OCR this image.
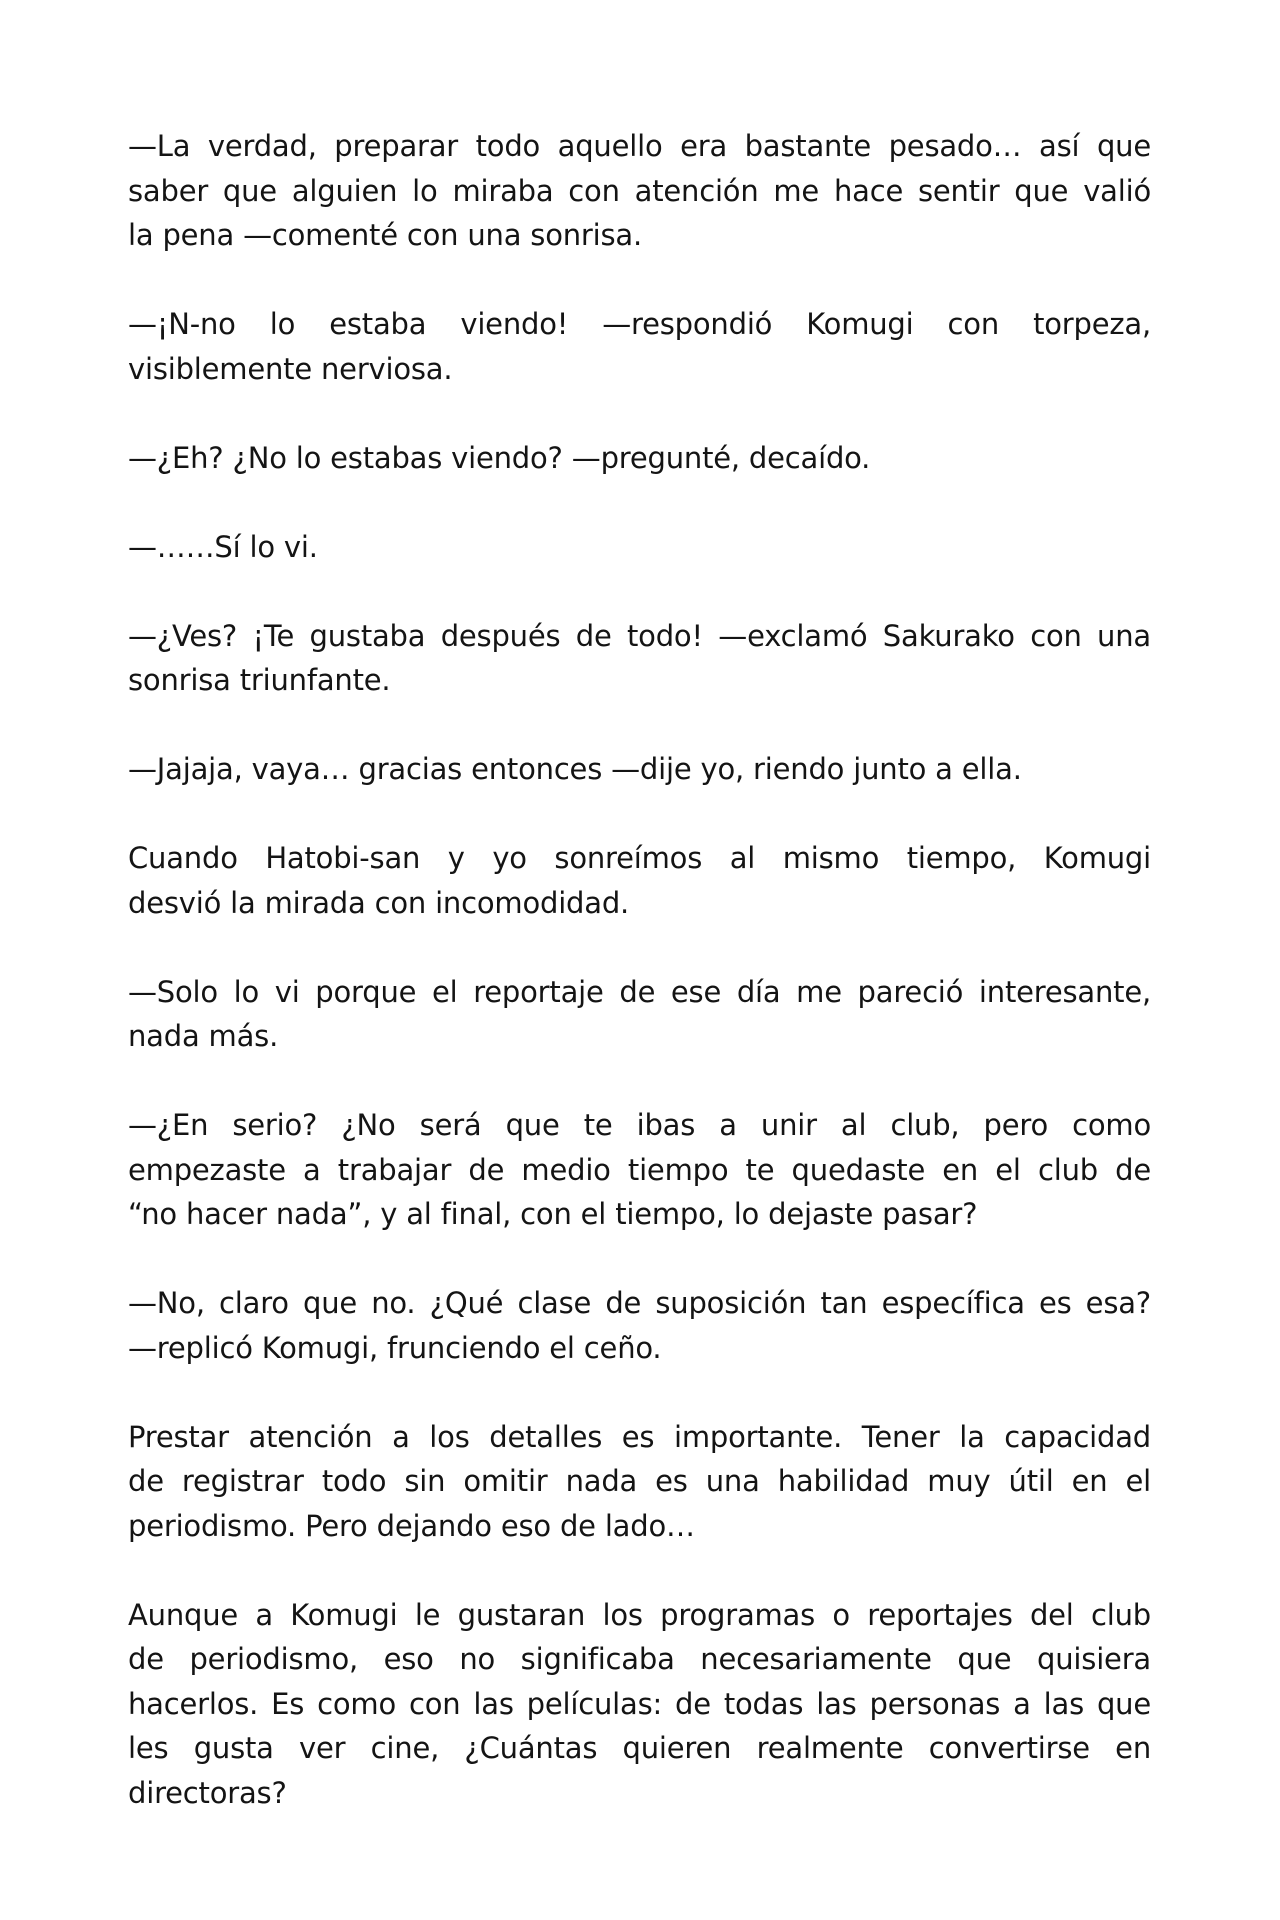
—La verdad, preparar todo aquello era bastante pesado… así que
saber que alguien lo miraba con atención me hace sentir que valió
la pena —comenté con una sonrisa.

—¡N-no lo estaba viendo! —respondió Komugi con torpeza,
visiblemente nerviosa.

—¿Eh? ¿No lo estabas viendo? —pregunté, decaído.

—……Sí lo vi.

—¿Ves? ¡Te gustaba después de todo! —exclamó Sakurako con una
sonrisa triunfante.

—Jajaja, vaya… gracias entonces —dije yo, riendo junto a ella.

Cuando Hatobi-san y yo sonreímos al mismo tiempo, Komugi
desvió la mirada con incomodidad.

—Solo lo vi porque el reportaje de ese día me pareció interesante,
nada más.

—¿En serio? ¿No será que te ibas a unir al club, pero como
empezaste a trabajar de medio tiempo te quedaste en el club de
“no hacer nada”, y al final, con el tiempo, lo dejaste pasar?

—No, claro que no. ¿Qué clase de suposición tan específica es esa?
—replicó Komugi, frunciendo el ceño.

Prestar atención a los detalles es importante. Tener la capacidad
de registrar todo sin omitir nada es una habilidad muy útil en el
periodismo. Pero dejando eso de lado…

Aunque a Komugi le gustaran los programas o reportajes del club
de periodismo, eso no significaba necesariamente que quisiera
hacerlos. Es como con las películas: de todas las personas a las que
les gusta ver cine, ¿Cuántas quieren realmente convertirse en
directoras?
